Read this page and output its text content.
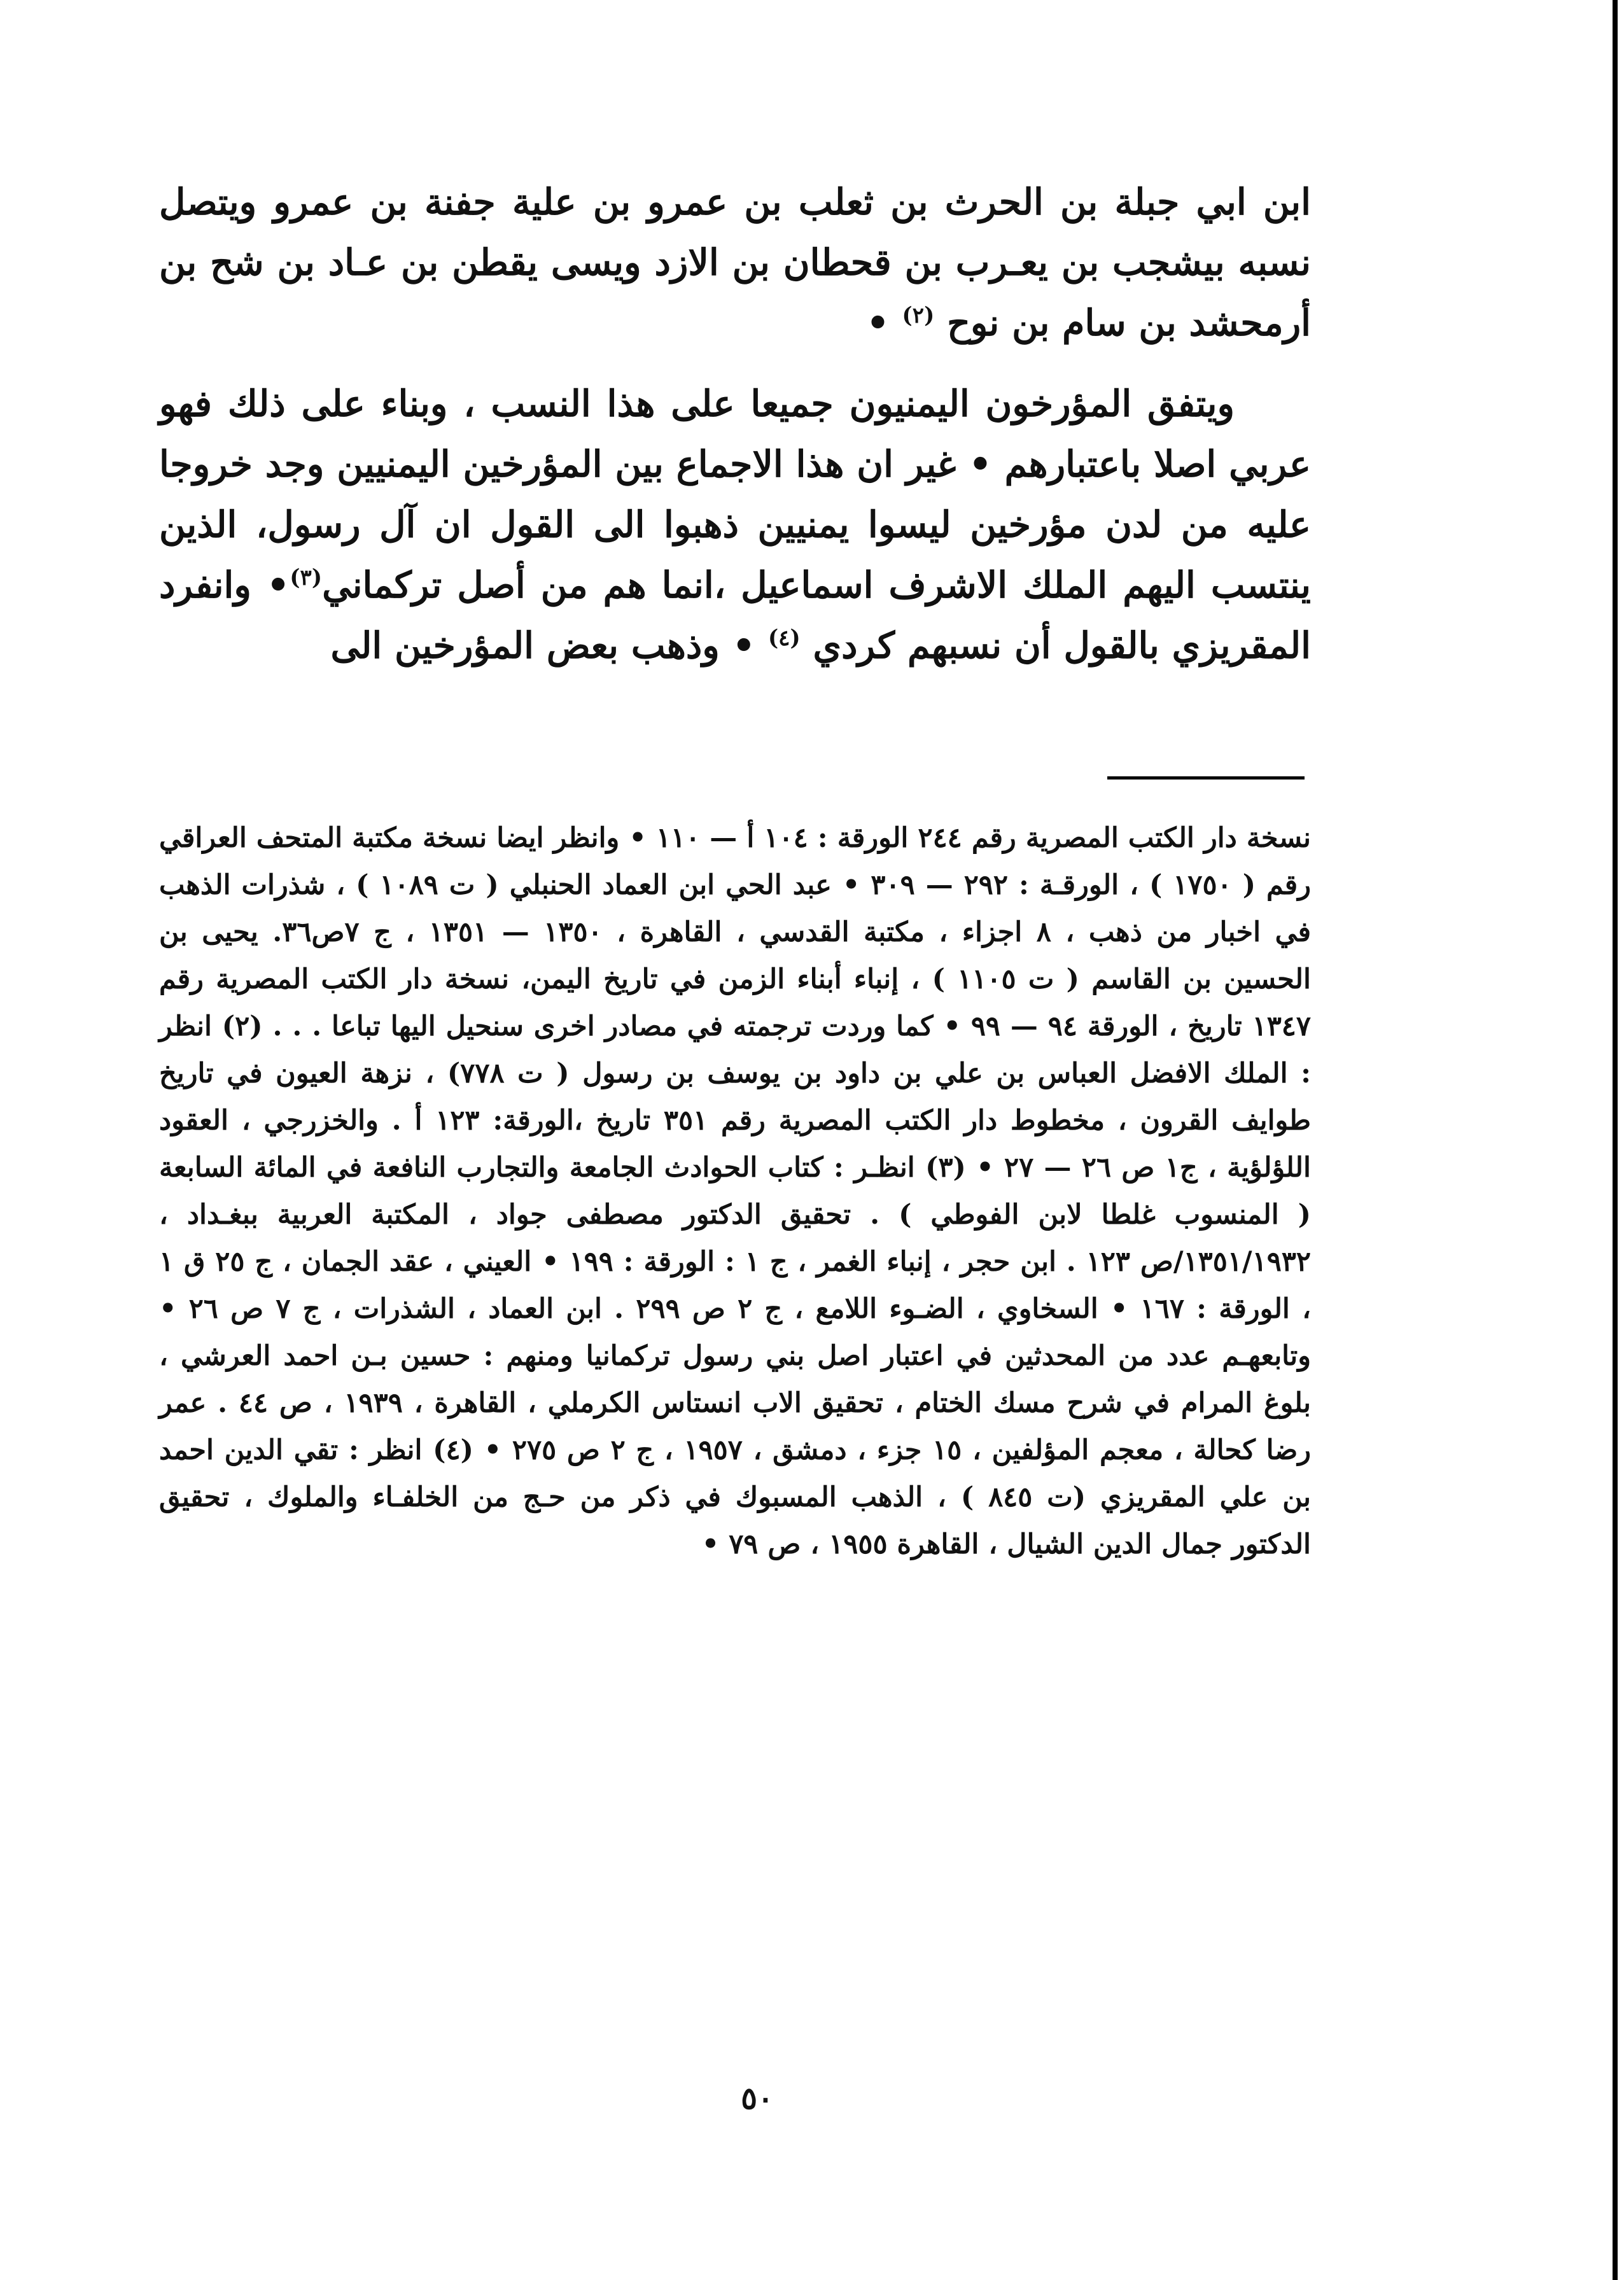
ابن ابي جبلة بن الحرث بن ثعلب بن عمرو بن علية جفنة بن عمرو ويتصل نسبه بيشجب بن يعـرب بن قحطان بن الازد ويسى يقطن بن عـاد بن شح بن أرمحشد بن سام بن نوح $^{(٢)}$ •

ويتفق المؤرخون اليمنيون جميعا على هذا النسب ، وبناء على ذلك فهو عربي اصلا باعتبارهم • غير ان هذا الاجماع بين المؤرخين اليمنيين وجد خروجا عليه من لدن مؤرخين ليسوا يمنيين ذهبوا الى القول ان آل رسول، الذين ينتسب اليهم الملك الاشرف اسماعيل ،انما هم من أصل تركماني$^{(٣)}$• وانفرد المقريزي بالقول أن نسبهم كردي $^{(٤)}$ • وذهب بعض المؤرخين الى

نسخة دار الكتب المصرية رقم ٢٤٤ الورقة : ١٠٤ أ — ١١٠ • وانظر ايضا نسخة مكتبة المتحف العراقي رقم ( ١٧٥٠ ) ، الورقـة : ٢٩٢ — ٣٠٩ • عبد الحي ابن العماد الحنبلي ( ت ١٠٨٩ ) ، شذرات الذهب في اخبار من ذهب ، ٨ اجزاء ، مكتبة القدسي ، القاهرة ، ١٣٥٠ — ١٣٥١ ، ج ٧ص٣٦. يحيى بن الحسين بن القاسم ( ت ١١٠٥ ) ، إنباء أبناء الزمن في تاريخ اليمن، نسخة دار الكتب المصرية رقم ١٣٤٧ تاريخ ، الورقة ٩٤ — ٩٩ • كما وردت ترجمته في مصادر اخرى سنحيل اليها تباعا . . . (٢) انظر : الملك الافضل العباس بن علي بن داود بن يوسف بن رسول ( ت ٧٧٨) ، نزهة العيون في تاريخ طوايف القرون ، مخطوط دار الكتب المصرية رقم ٣٥١ تاريخ ،الورقة: ١٢٣ أ . والخزرجي ، العقود اللؤلؤية ، ج١ ص ٢٦ — ٢٧ • (٣) انظـر : كتاب الحوادث الجامعة والتجارب النافعة في المائة السابعة ( المنسوب غلطا لابن الفوطي ) . تحقيق الدكتور مصطفى جواد ، المكتبة العربية ببغـداد ، ١٣٥١/١٩٣٢/ص ١٢٣ . ابن حجر ، إنباء الغمر ، ج ١ : الورقة : ١٩٩ • العيني ، عقد الجمان ، ج ٢٥ ق ١ ، الورقة : ١٦٧ • السخاوي ، الضـوء اللامع ، ج ٢ ص ٢٩٩ . ابن العماد ، الشذرات ، ج ٧ ص ٢٦ • وتابعهـم عدد من المحدثين في اعتبار اصل بني رسول تركمانيا ومنهم : حسين بـن احمد العرشي ، بلوغ المرام في شرح مسك الختام ، تحقيق الاب انستاس الكرملي ، القاهرة ، ١٩٣٩ ، ص ٤٤ . عمر رضا كحالة ، معجم المؤلفين ، ١٥ جزء ، دمشق ، ١٩٥٧ ، ج ٢ ص ٢٧٥ • (٤) انظر : تقي الدين احمد بن علي المقريزي (ت ٨٤٥ ) ، الذهب المسبوك في ذكر من حـج من الخلفـاء والملوك ، تحقيق الدكتور جمال الدين الشيال ، القاهرة ١٩٥٥ ، ص ٧٩ •

٥٠
